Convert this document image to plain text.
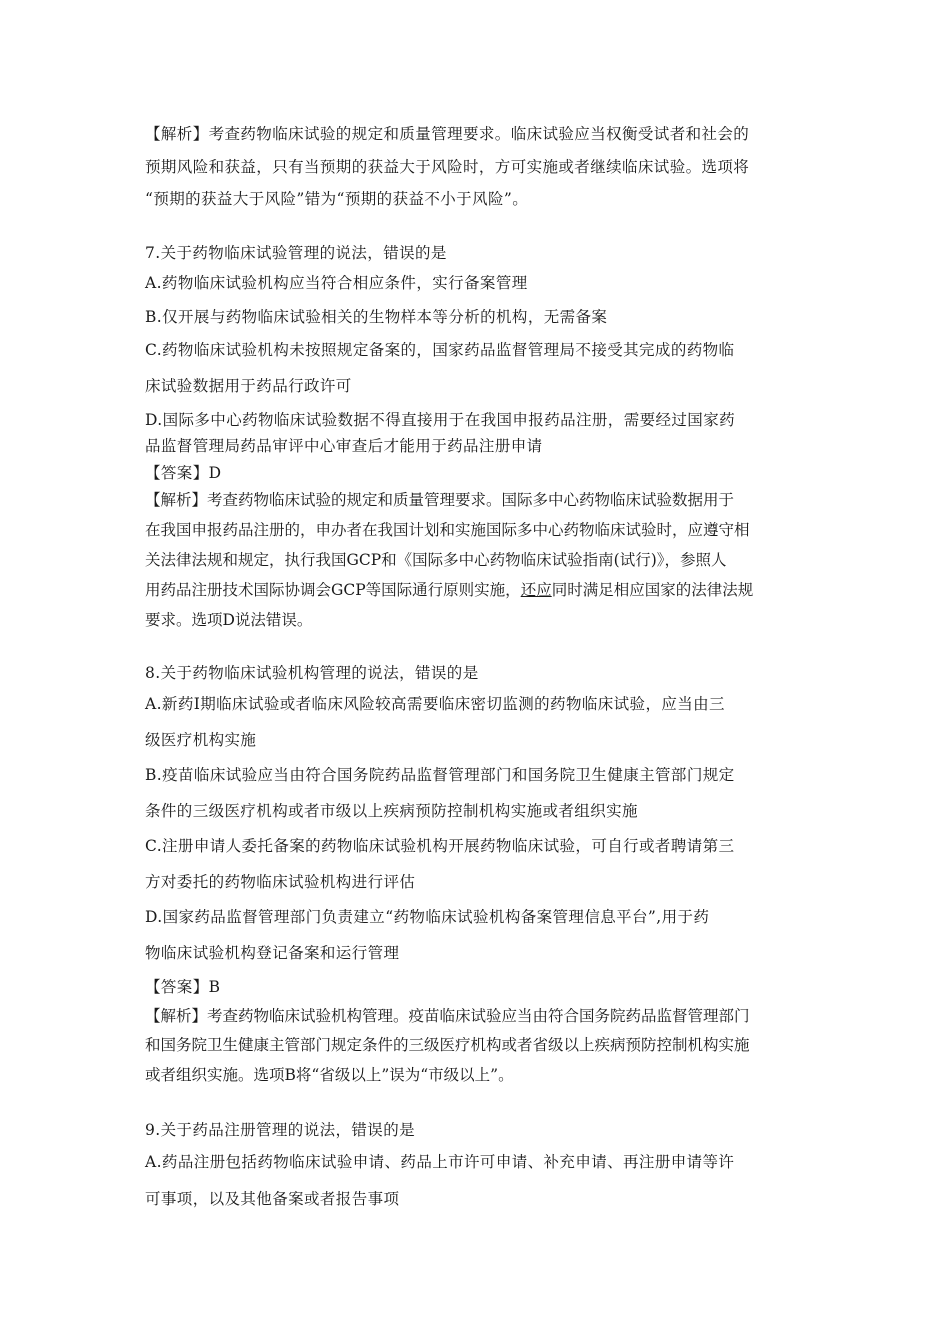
【解析】考查药物临床试验的规定和质量管理要求。临床试验应当权衡受试者和社会的
预期风险和获益，只有当预期的获益大于风险时，方可实施或者继续临床试验。选项将
“预期的获益大于风险”错为“预期的获益不小于风险”。
7.关于药物临床试验管理的说法，错误的是
A.药物临床试验机构应当符合相应条件，实行备案管理
B.仅开展与药物临床试验相关的生物样本等分析的机构，无需备案
C.药物临床试验机构未按照规定备案的，国家药品监督管理局不接受其完成的药物临
床试验数据用于药品行政许可
D.国际多中心药物临床试验数据不得直接用于在我国申报药品注册，需要经过国家药
品监督管理局药品审评中心审查后才能用于药品注册申请
【答案】D
【解析】考查药物临床试验的规定和质量管理要求。国际多中心药物临床试验数据用于
在我国申报药品注册的，申办者在我国计划和实施国际多中心药物临床试验时，应遵守相
关法律法规和规定，执行我国GCP和《国际多中心药物临床试验指南(试行)》，参照人
用药品注册技术国际协调会GCP等国际通行原则实施，还应同时满足相应国家的法律法规
要求。选项D说法错误。
8.关于药物临床试验机构管理的说法，错误的是
A.新药Ⅰ期临床试验或者临床风险较高需要临床密切监测的药物临床试验，应当由三
级医疗机构实施
B.疫苗临床试验应当由符合国务院药品监督管理部门和国务院卫生健康主管部门规定
条件的三级医疗机构或者市级以上疾病预防控制机构实施或者组织实施
C.注册申请人委托备案的药物临床试验机构开展药物临床试验，可自行或者聘请第三
方对委托的药物临床试验机构进行评估
D.国家药品监督管理部门负责建立“药物临床试验机构备案管理信息平台”,用于药
物临床试验机构登记备案和运行管理
【答案】B
【解析】考查药物临床试验机构管理。疫苗临床试验应当由符合国务院药品监督管理部门
和国务院卫生健康主管部门规定条件的三级医疗机构或者省级以上疾病预防控制机构实施
或者组织实施。选项B将“省级以上”误为“市级以上”。
9.关于药品注册管理的说法，错误的是
A.药品注册包括药物临床试验申请、药品上市许可申请、补充申请、再注册申请等许
可事项，以及其他备案或者报告事项
